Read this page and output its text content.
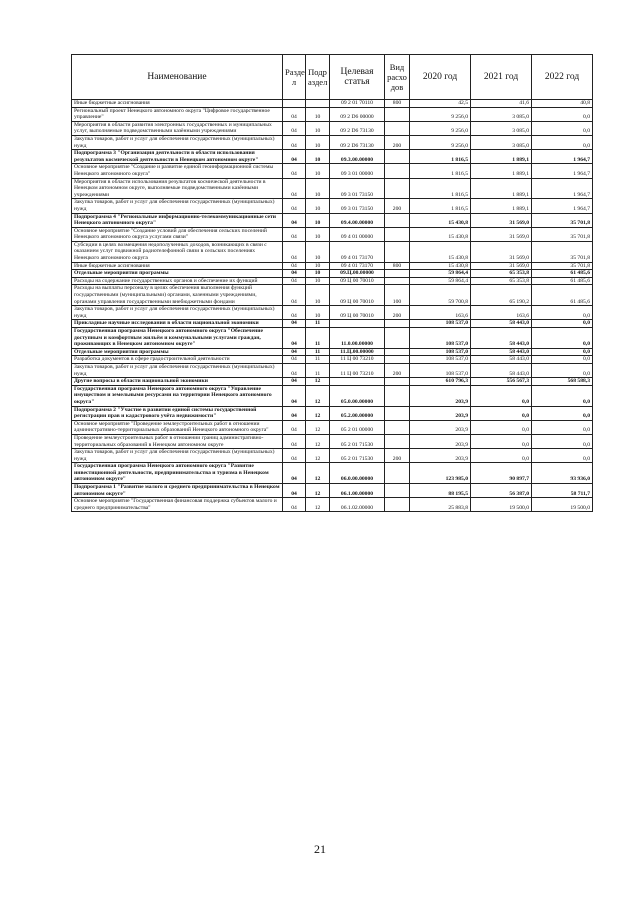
Наименование	Разде л	Подр аздел	Целевая статья	Вид расхо дов	2020 год	2021 год	2022 год
Иные бюджетные ассигнования			09 2 01 70110	800	42,5	41,6	40,8
Региональный проект Ненецкого автономного округа "Цифровое государственное управление"	04	10	09 2 D6 00000		9 256,0	3 085,0	0,0
Мероприятия в области развития электронных государственных и муниципальных услуг, выполняемые подведомственными казёнными учреждениями	04	10	09 2 D6 73130		9 256,0	3 085,0	0,0
Закупка товаров, работ и услуг для обеспечения государственных (муниципальных) нужд	04	10	09 2 D6 73130	200	9 256,0	3 085,0	0,0
Подпрограмма 3 "Организация деятельности в области использования результатов космической деятельности в Ненецком автономном округе"	04	10	09.3.00.00000		1 816,5	1 889,1	1 964,7
Основное мероприятие "Создание и развитие единой геоинформационной системы Ненецкого автономного округа"	04	10	09 3 01 00000		1 816,5	1 889,1	1 964,7
Мероприятия в области использования результатов космической деятельности в Ненецком автономном округе, выполняемые подведомственными казёнными учреждениями	04	10	09 3 01 73150		1 816,5	1 889,1	1 964,7
Закупка товаров, работ и услуг для обеспечения государственных (муниципальных) нужд	04	10	09 3 01 73150	200	1 816,5	1 889,1	1 964,7
Подпрограмма 4 "Региональные информационно-телекоммуникационные сети Ненецкого автономного округа"	04	10	09.4.00.00000		15 430,8	31 569,0	35 701,8
Основное мероприятие "Создание условий для обеспечения сельских поселений Ненецкого автономного округа услугами связи"	04	10	09 4 01 00000		15 430,8	31 569,0	35 701,8
Субсидии в целях возмещения недополученных доходов, возникающих в связи с оказанием услуг подвижной радиотелефонной связи в сельских поселениях Ненецкого автономного округа	04	10	09 4 01 73170		15 430,8	31 569,0	35 701,8
Иные бюджетные ассигнования	04	10	09 4 01 73170	800	15 430,8	31 569,0	35 701,8
Отдельные мероприятия программы	04	10	09.Ц.00.00000		59 864,4	65 353,8	61 485,6
Расходы на содержание государственных органов и обеспечение их функций	04	10	09 Ц 00 70010		59 864,4	65 353,8	61 485,6
Расходы на выплаты персоналу в целях обеспечения выполнения функций государственными (муниципальными) органами, казенными учреждениями, органами управления государственными внебюджетными фондами	04	10	09 Ц 00 70010	100	59 700,8	65 190,2	61 485,6
Закупка товаров, работ и услуг для обеспечения государственных (муниципальных) нужд	04	10	09 Ц 00 70010	200	163,6	163,6	0,0
Прикладные научные исследования в области национальной экономики	04	11			108 537,0	58 443,0	0,0
Государственная программа Ненецкого автономного округа "Обеспечение доступным и комфортным жильём и коммунальными услугами граждан, проживающих в Ненецком автономном округе"	04	11	11.0.00.00000		108 537,0	58 443,0	0,0
Отдельные мероприятия программы	04	11	11.Ц.00.00000		108 537,0	58 443,0	0,0
Разработка документов в сфере градостроительной деятельности	04	11	11 Ц 00 73210		108 537,0	58 443,0	0,0
Закупка товаров, работ и услуг для обеспечения государственных (муниципальных) нужд	04	11	11 Ц 00 73210	200	108 537,0	58 443,0	0,0
Другие вопросы в области национальной экономики	04	12			610 796,3	556 567,3	568 588,3
Государственная программа Ненецкого автономного округа "Управление имуществом и земельными ресурсами на территории Ненецкого автономного округа"	04	12	05.0.00.00000		203,9	0,0	0,0
Подпрограмма 2 "Участие в развитии единой системы государственной регистрации прав и кадастрового учёта недвижимости"	04	12	05.2.00.00000		203,9	0,0	0,0
Основное мероприятие "Проведение землеустроительных работ в отношении административно-территориальных образований Ненецкого автономного округа"	04	12	05 2 01 00000		203,9	0,0	0,0
Проведение землеустроительных работ в отношении границ административно-территориальных образований в Ненецком автономном округе	04	12	05 2 01 71530		203,9	0,0	0,0
Закупка товаров, работ и услуг для обеспечения государственных (муниципальных) нужд	04	12	05 2 01 71530	200	203,9	0,0	0,0
Государственная программа Ненецкого автономного округа "Развитие инвестиционной деятельности, предпринимательства и туризма в Ненецком автономном округе"	04	12	06.0.00.00000		123 985,0	90 897,7	93 936,0
Подпрограмма 1 "Развитие малого и среднего предпринимательства в Ненецком автономном округе"	04	12	06.1.00.00000		88 195,5	56 387,0	58 711,7
Основное мероприятие "Государственная финансовая поддержка субъектов малого и среднего предпринимательства"	04	12	06.1.02.00000		25 883,8	19 500,0	19 500,0
21
